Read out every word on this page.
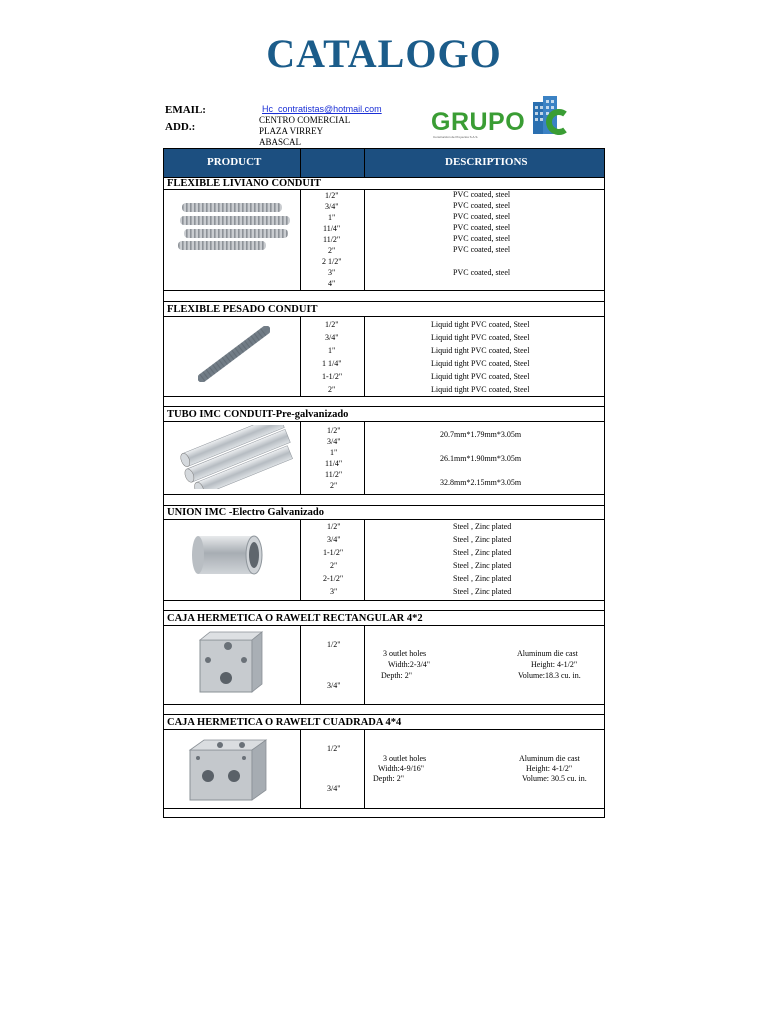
CATALOGO
EMAIL:	Hc_contratistas@hotmail.com
ADD.:
CENTRO COMERCIAL
PLAZA VIRREY
ABASCAL
GRUPO
Construcción de Proyectos S.A.S.
PRODUCT	DESCRIPTIONS
FLEXIBLE LIVIANO CONDUIT
1/2"
3/4"
1"
11/4"
11/2"
2"
2 1/2"
3"
4"
PVC coated, steel
PVC coated, steel
PVC coated, steel
PVC coated, steel
PVC coated, steel
PVC coated, steel
PVC coated, steel
FLEXIBLE PESADO CONDUIT
1/2"
3/4"
1"
1 1/4"
1-1/2"
2"
Liquid tight PVC coated, Steel
Liquid tight PVC coated, Steel
Liquid tight PVC coated, Steel
Liquid tight PVC coated, Steel
Liquid tight PVC coated, Steel
Liquid tight PVC coated, Steel
TUBO IMC CONDUIT-Pre-galvanizado
1/2"
3/4"
1"
11/4"
11/2"
2"
20.7mm*1.79mm*3.05m
26.1mm*1.90mm*3.05m
32.8mm*2.15mm*3.05m
UNION IMC -Electro Galvanizado
1/2"
3/4"
1-1/2"
2"
2-1/2"
3"
Steel , Zinc plated
Steel , Zinc plated
Steel , Zinc plated
Steel , Zinc plated
Steel , Zinc plated
Steel , Zinc plated
CAJA HERMETICA O RAWELT RECTANGULAR 4*2
1/2"
3/4"
3 outlet holes
Width:2-3/4"
Depth: 2"
Aluminum die cast
Height: 4-1/2"
Volume:18.3 cu. in.
CAJA HERMETICA O RAWELT CUADRADA 4*4
1/2"
3/4"
3 outlet holes
Width:4-9/16"
Depth: 2"
Aluminum die cast
Height: 4-1/2"
Volume: 30.5 cu. in.
